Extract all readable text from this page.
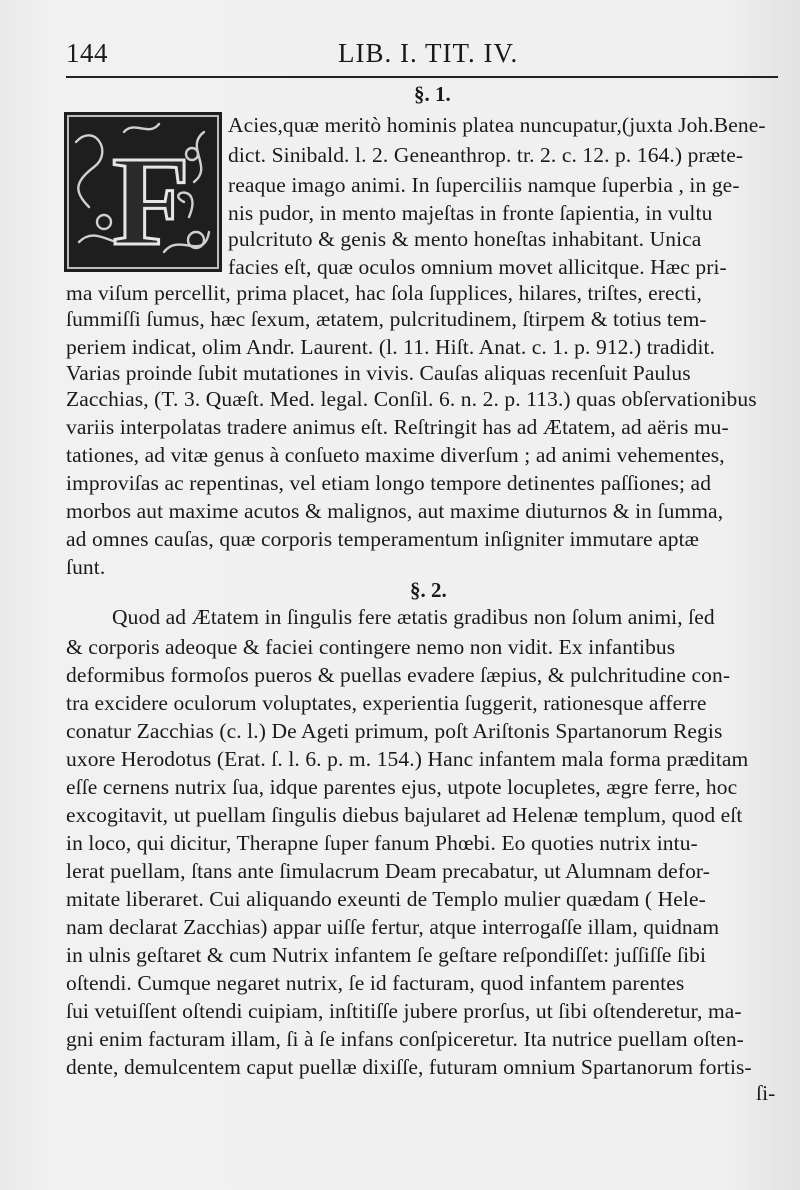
144	LIB. I. TIT. IV.
§. 1.
F
Acies,quæ meritò hominis platea nuncupatur,(juxta Joh.Bene-
dict. Sinibald. l. 2. Geneanthrop. tr. 2. c. 12. p. 164.) præte-
reaque imago animi. In ſuperciliis namque ſuperbia , in ge-
nis pudor, in mento majeſtas in fronte ſapientia, in vultu
pulcrituto & genis & mento honeſtas inhabitant. Unica
facies eſt, quæ oculos omnium movet allicitque. Hæc pri-
ma viſum percellit, prima placet, hac ſola ſupplices, hilares, triſtes, erecti,
ſummiſſi ſumus, hæc ſexum, ætatem, pulcritudinem, ſtirpem & totius tem-
periem indicat, olim Andr. Laurent. (l. 11. Hiſt. Anat. c. 1. p. 912.) tradidit.
Varias proinde ſubit mutationes in vivis. Cauſas aliquas recenſuit Paulus
Zacchias, (T. 3. Quæſt. Med. legal. Conſil. 6. n. 2. p. 113.) quas obſervationibus
variis interpolatas tradere animus eſt. Reſtringit has ad Ætatem, ad aëris mu-
tationes, ad vitæ genus à conſueto maxime diverſum ; ad animi vehementes,
improviſas ac repentinas, vel etiam longo tempore detinentes paſſiones; ad
morbos aut maxime acutos & malignos, aut maxime diuturnos & in ſumma,
ad omnes cauſas, quæ corporis temperamentum inſigniter immutare aptæ
ſunt.
§. 2.
Quod ad Ætatem in ſingulis fere ætatis gradibus non ſolum animi, ſed
& corporis adeoque & faciei contingere nemo non vidit. Ex infantibus
deformibus formoſos pueros & puellas evadere ſæpius, & pulchritudine con-
tra excidere oculorum voluptates, experientia ſuggerit, rationesque afferre
conatur Zacchias (c. l.) De Ageti primum, poſt Ariſtonis Spartanorum Regis
uxore Herodotus (Erat. ſ. l. 6. p. m. 154.) Hanc infantem mala forma præditam
eſſe cernens nutrix ſua, idque parentes ejus, utpote locupletes, ægre ferre, hoc
excogitavit, ut puellam ſingulis diebus bajularet ad Helenæ templum, quod eſt
in loco, qui dicitur, Therapne ſuper fanum Phœbi. Eo quoties nutrix intu-
lerat puellam, ſtans ante ſimulacrum Deam precabatur, ut Alumnam defor-
mitate liberaret. Cui aliquando exeunti de Templo mulier quædam ( Hele-
nam declarat Zacchias) appar uiſſe fertur, atque interrogaſſe illam, quidnam
in ulnis geſtaret & cum Nutrix infantem ſe geſtare reſpondiſſet: juſſiſſe ſibi
oſtendi. Cumque negaret nutrix, ſe id facturam, quod infantem parentes
ſui vetuiſſent oſtendi cuipiam, inſtitiſſe jubere prorſus, ut ſibi oſtenderetur, ma-
gni enim facturam illam, ſi à ſe infans conſpiceretur. Ita nutrice puellam oſten-
dente, demulcentem caput puellæ dixiſſe, futuram omnium Spartanorum fortis-
ſi-
